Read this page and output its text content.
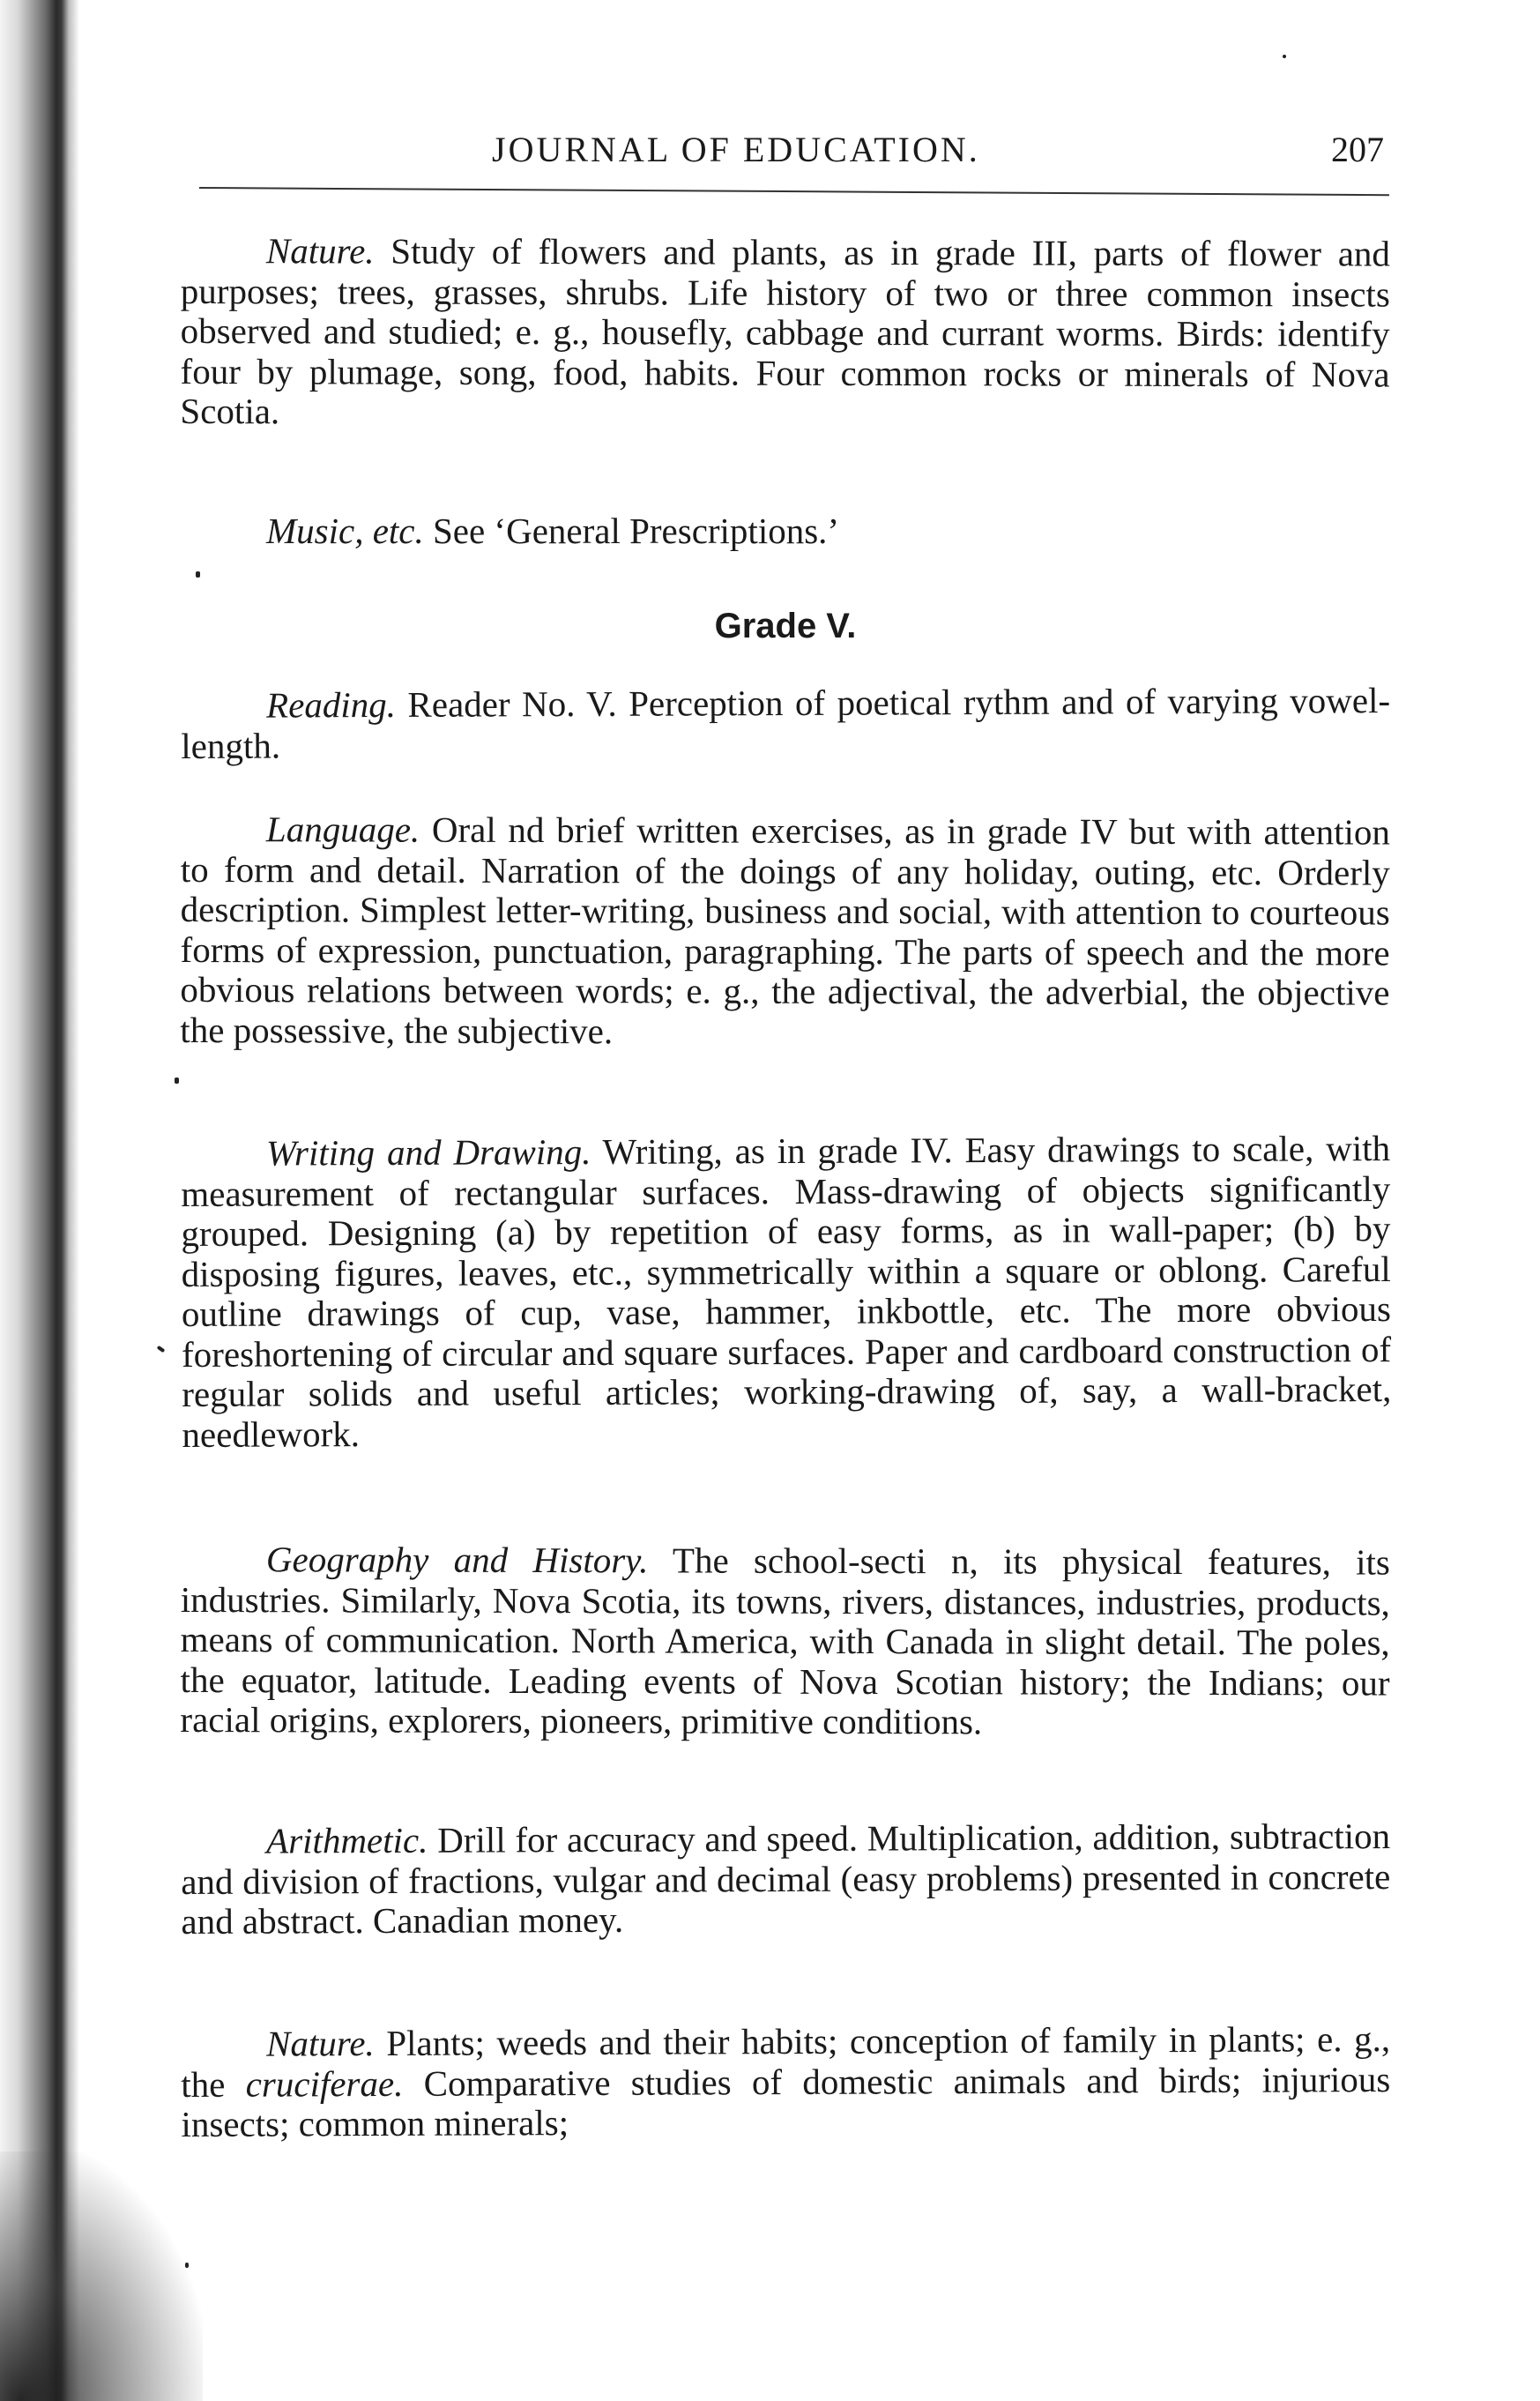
JOURNAL OF EDUCATION.	207

Nature. Study of flowers and plants, as in grade III, parts of flower and purposes; trees, grasses, shrubs. Life history of two or three common insects observed and studied; e. g., housefly, cabbage and currant worms. Birds: identify four by plumage, song, food, habits. Four common rocks or minerals of Nova Scotia.

Music, etc. See ‘General Prescriptions.’

Grade V.

Reading. Reader No. V. Perception of poetical rythm and of varying vowel-length.

Language. Oral nd brief written exercises, as in grade IV but with attention to form and detail. Narration of the doings of any holiday, outing, etc. Orderly description. Simplest letter-writing, business and social, with attention to courteous forms of expression, punctuation, paragraphing. The parts of speech and the more obvious relations between words; e. g., the adjectival, the adverbial, the objective the possessive, the subjective.

Writing and Drawing. Writing, as in grade IV. Easy drawings to scale, with measurement of rectangular surfaces. Mass-drawing of objects significantly grouped. Designing (a) by repetition of easy forms, as in wall-paper; (b) by disposing figures, leaves, etc., symmetrically within a square or oblong. Careful outline drawings of cup, vase, hammer, inkbottle, etc. The more obvious foreshortening of circular and square surfaces. Paper and cardboard construction of regular solids and useful articles; working-drawing of, say, a wall-bracket, needlework.

Geography and History. The school-secti n, its physical features, its industries. Similarly, Nova Scotia, its towns, rivers, distances, industries, products, means of communication. North America, with Canada in slight detail. The poles, the equator, latitude. Leading events of Nova Scotian history; the Indians; our racial origins, explorers, pioneers, primitive conditions.

Arithmetic. Drill for accuracy and speed. Multiplication, addition, subtraction and division of fractions, vulgar and decimal (easy problems) presented in concrete and abstract. Canadian money.

Nature. Plants; weeds and their habits; conception of family in plants; e. g., the cruciferae. Comparative studies of domestic animals and birds; injurious insects; common minerals;
